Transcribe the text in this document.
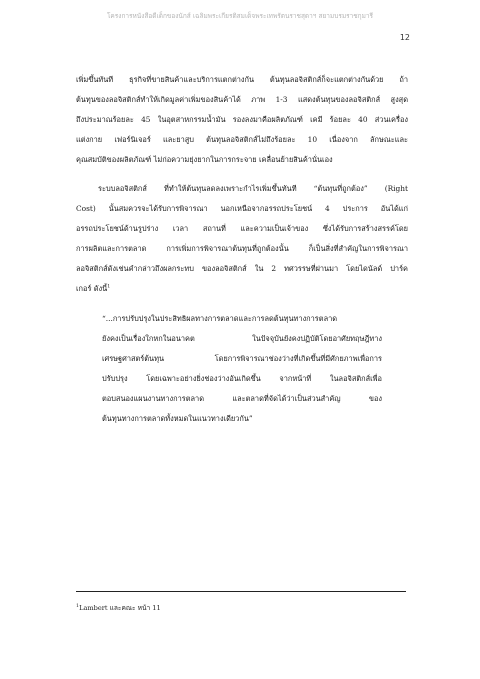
โครงการหนังสือดีเด็กของนักส์ เฉลิมพระเกียรติสมเด็จพระเทพรัตนราชสุดาฯ สยามบรมราชกุมารี
12
เพิ่มขึ้นทันที ธุรกิจที่ขายสินค้าและบริการแตกต่างกัน ต้นทุนลอจิสติกส์ก็จะแตกต่างกันด้วย ถ้า
ต้นทุนของลอจิสติกส์ทำให้เกิดมูลค่าเพิ่มของสินค้าได้ ภาพ 1-3 แสดงต้นทุนของลอจิสติกส์ สูงสุด
ถึงประมาณร้อยละ 45 ในอุตสาหกรรมน้ำมัน รองลงมาคือผลิตภัณฑ์ เคมี ร้อยละ 40 ส่วนเครื่อง
แต่งกาย เฟอร์นิเจอร์ และยาสูบ ต้นทุนลอจิสติกส์ไม่ถึงร้อยละ 10 เนื่องจาก ลักษณะและ
คุณสมบัติของผลิตภัณฑ์ ไม่ก่อความยุ่งยากในการกระจาย เคลื่อนย้ายสินค้านั่นเอง
ระบบลอจิสติกส์ ที่ทำให้ต้นทุนลดลงเพราะกำไรเพิ่มขึ้นทันที “ต้นทุนที่ถูกต้อง” (Right
Cost) นั้นสมควรจะได้รับการพิจารณา นอกเหนือจากอรรถประโยชน์ 4 ประการ อันได้แก่
อรรถประโยชน์ด้านรูปร่าง เวลา สถานที่ และความเป็นเจ้าของ ซึ่งได้รับการสร้างสรรค์โดย
การผลิตและการตลาด การเพิ่มการพิจารณาต้นทุนที่ถูกต้องนั้น ก็เป็นสิ่งที่สำคัญในการพิจารณา
ลอจิสติกส์ดังเช่นคำกล่าวถึงผลกระทบ ของลอจิสติกส์ ใน 2 ทศวรรษที่ผ่านมา โดยไดนัลด์ ปาร์ค
เกอร์ ดังนี้$^1$
“...การปรับปรุงในประสิทธิผลทางการตลาดและการลดต้นทุนทางการตลาด
ยังคงเป็นเรื่องใกหกในอนาคต ในปัจจุบันยังคงปฏิบัติโดยอาศัยทฤษฎีทาง
เศรษฐศาสตร์ต้นทุน โดยการพิจารณาช่องว่างที่เกิดขึ้นที่มีศักยภาพเพื่อการ
ปรับปรุง โดยเฉพาะอย่างยิ่งช่องว่างอันเกิดขึ้น จากหน้าที่ ในลอจิสติกส์เพื่อ
ตอบสนองแผนงานทางการตลาด และตลาดที่จัดได้ว่าเป็นส่วนสำคัญ ของ
ต้นทุนทางการตลาดทั้งหมดในแนวทางเดียวกัน”
$^1$Lambert และคณะ หน้า 11
